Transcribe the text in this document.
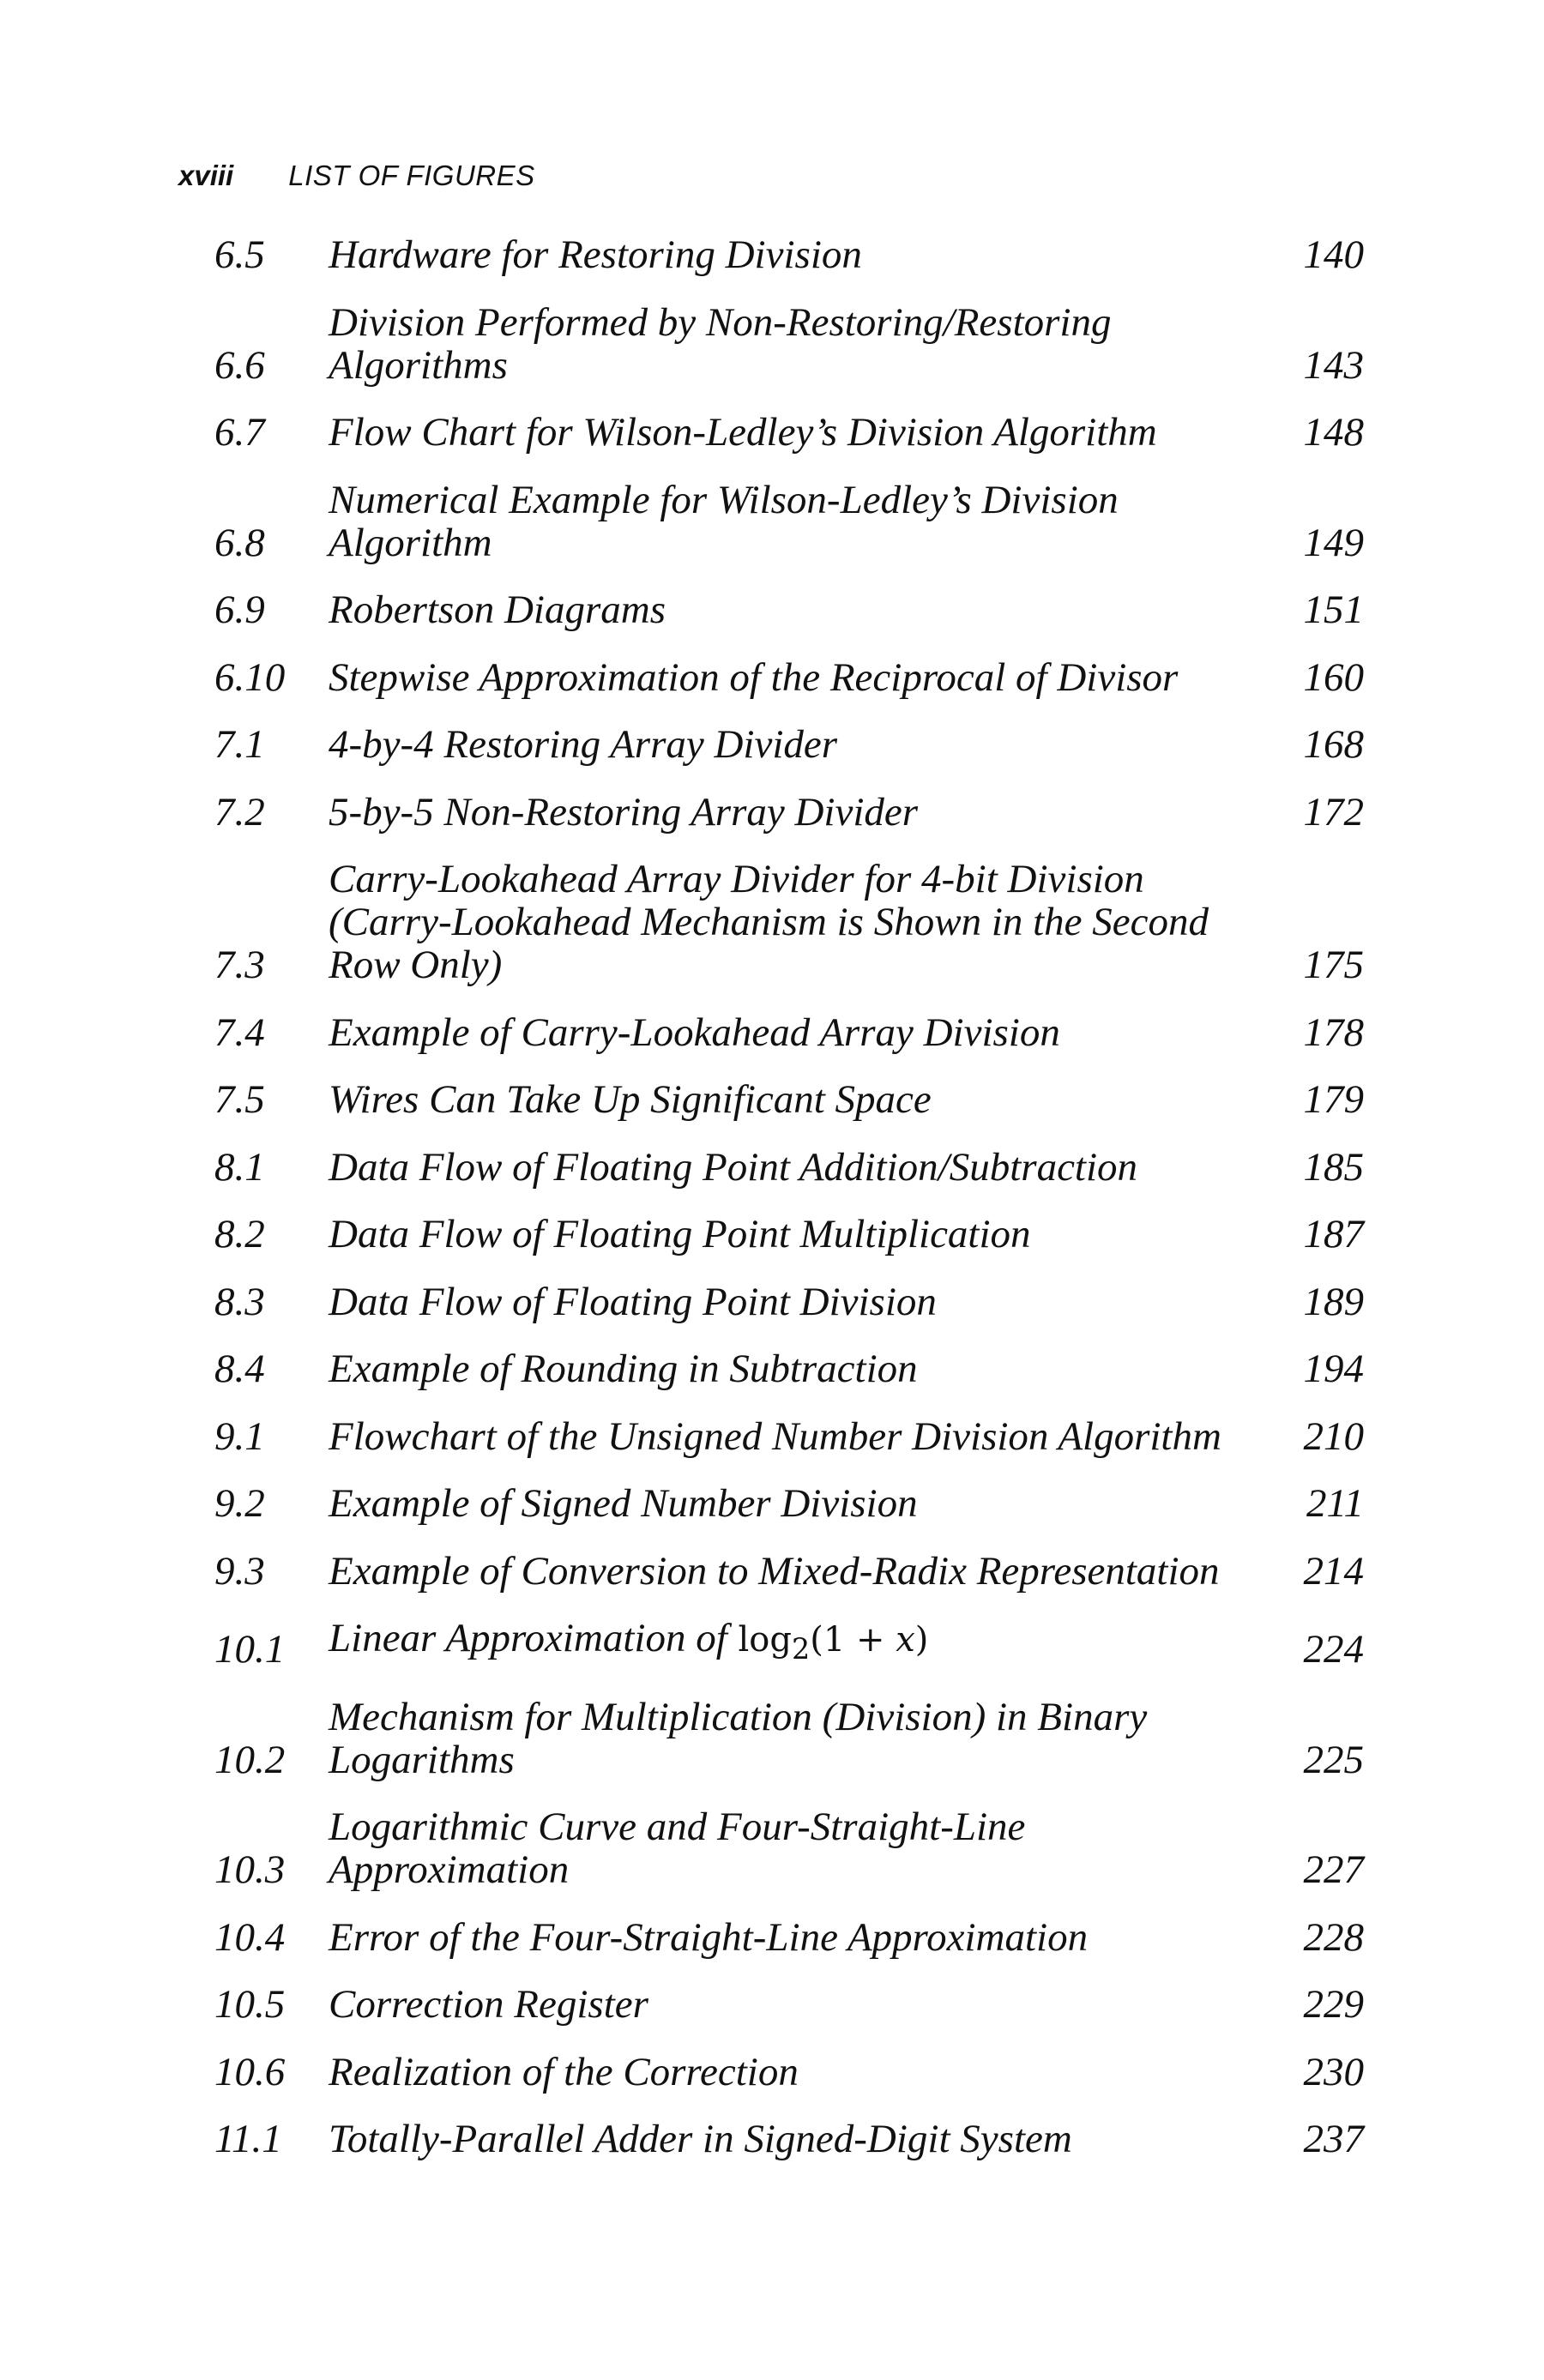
xviii LIST OF FIGURES
6.5	Hardware for Restoring Division	140
6.6
Division Performed by Non-Restoring/Restoring
Algorithms	143
6.7	Flow Chart for Wilson-Ledley’s Division Algorithm	148
6.8
Numerical Example for Wilson-Ledley’s Division
Algorithm	149
6.9	Robertson Diagrams	151
6.10	Stepwise Approximation of the Reciprocal of Divisor	160
7.1	4-by-4 Restoring Array Divider	168
7.2	5-by-5 Non-Restoring Array Divider	172
7.3
Carry-Lookahead Array Divider for 4-bit Division
(Carry-Lookahead Mechanism is Shown in the Second
Row Only)	175
7.4	Example of Carry-Lookahead Array Division	178
7.5	Wires Can Take Up Significant Space	179
8.1	Data Flow of Floating Point Addition/Subtraction	185
8.2	Data Flow of Floating Point Multiplication	187
8.3	Data Flow of Floating Point Division	189
8.4	Example of Rounding in Subtraction	194
9.1	Flowchart of the Unsigned Number Division Algorithm	210
9.2	Example of Signed Number Division	211
9.3	Example of Conversion to Mixed-Radix Representation	214
10.1	Linear Approximation of $\log_2(1 + x)$	224
10.2
Mechanism for Multiplication (Division) in Binary
Logarithms	225
10.3
Logarithmic Curve and Four-Straight-Line
Approximation	227
10.4	Error of the Four-Straight-Line Approximation	228
10.5	Correction Register	229
10.6	Realization of the Correction	230
11.1	Totally-Parallel Adder in Signed-Digit System	237
